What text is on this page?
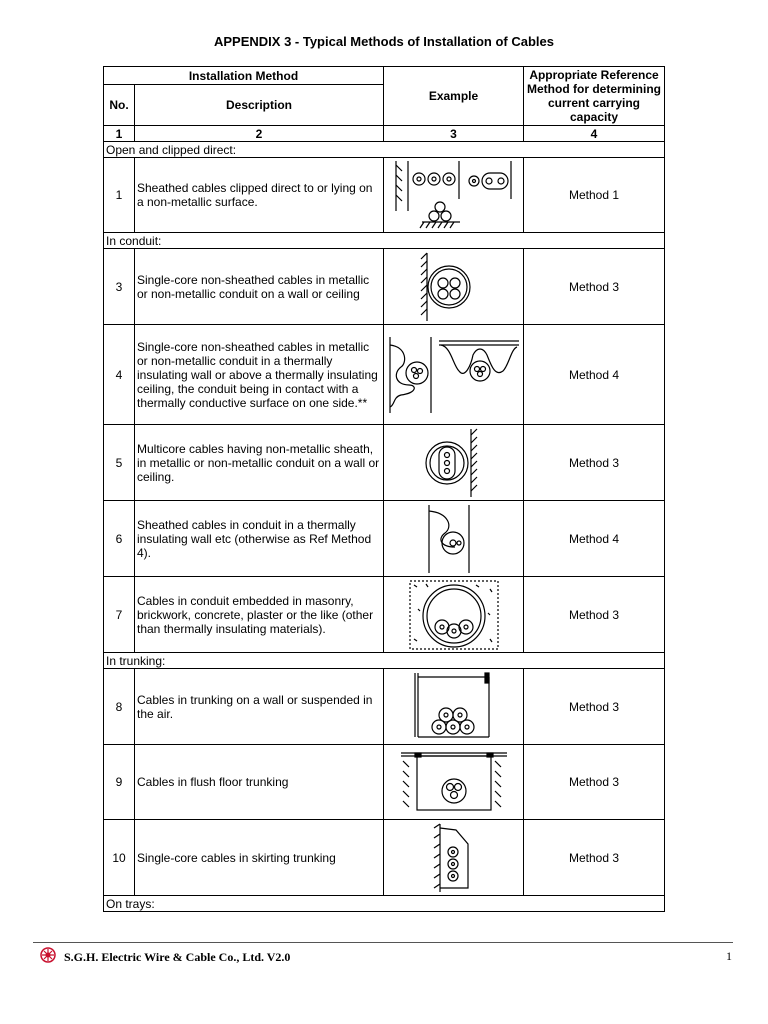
APPENDIX 3 - Typical Methods of Installation of Cables
Installation Method		Example	Appropriate Reference Method for determining current carrying capacity
No.	Description		
1	2	3	4
Open and clipped direct:			
1	Sheathed cables clipped direct to or lying on a non-metallic surface.		Method 1
In conduit:			
3	Single-core non-sheathed cables in metallic or non-metallic conduit on a wall or ceiling		Method 3
4	Single-core non-sheathed cables in metallic or non-metallic conduit in a thermally insulating wall or above a thermally insulating ceiling, the conduit being in contact with a thermally conductive surface on one side.**		Method 4
5	Multicore cables having non-metallic sheath, in metallic or non-metallic conduit on a wall or ceiling.		Method 3
6	Sheathed cables in conduit in a thermally insulating wall etc (otherwise as Ref Method 4).		Method 4
7	Cables in conduit embedded in masonry, brickwork, concrete, plaster or the like (other than thermally insulating materials).		Method 3
In trunking:			
8	Cables in trunking on a wall or suspended in the air.		Method 3
9	Cables in flush floor trunking		Method 3
10	Single-core cables in skirting trunking		Method 3
On trays:			
S.G.H. Electric Wire & Cable Co., Ltd. V2.0	1
